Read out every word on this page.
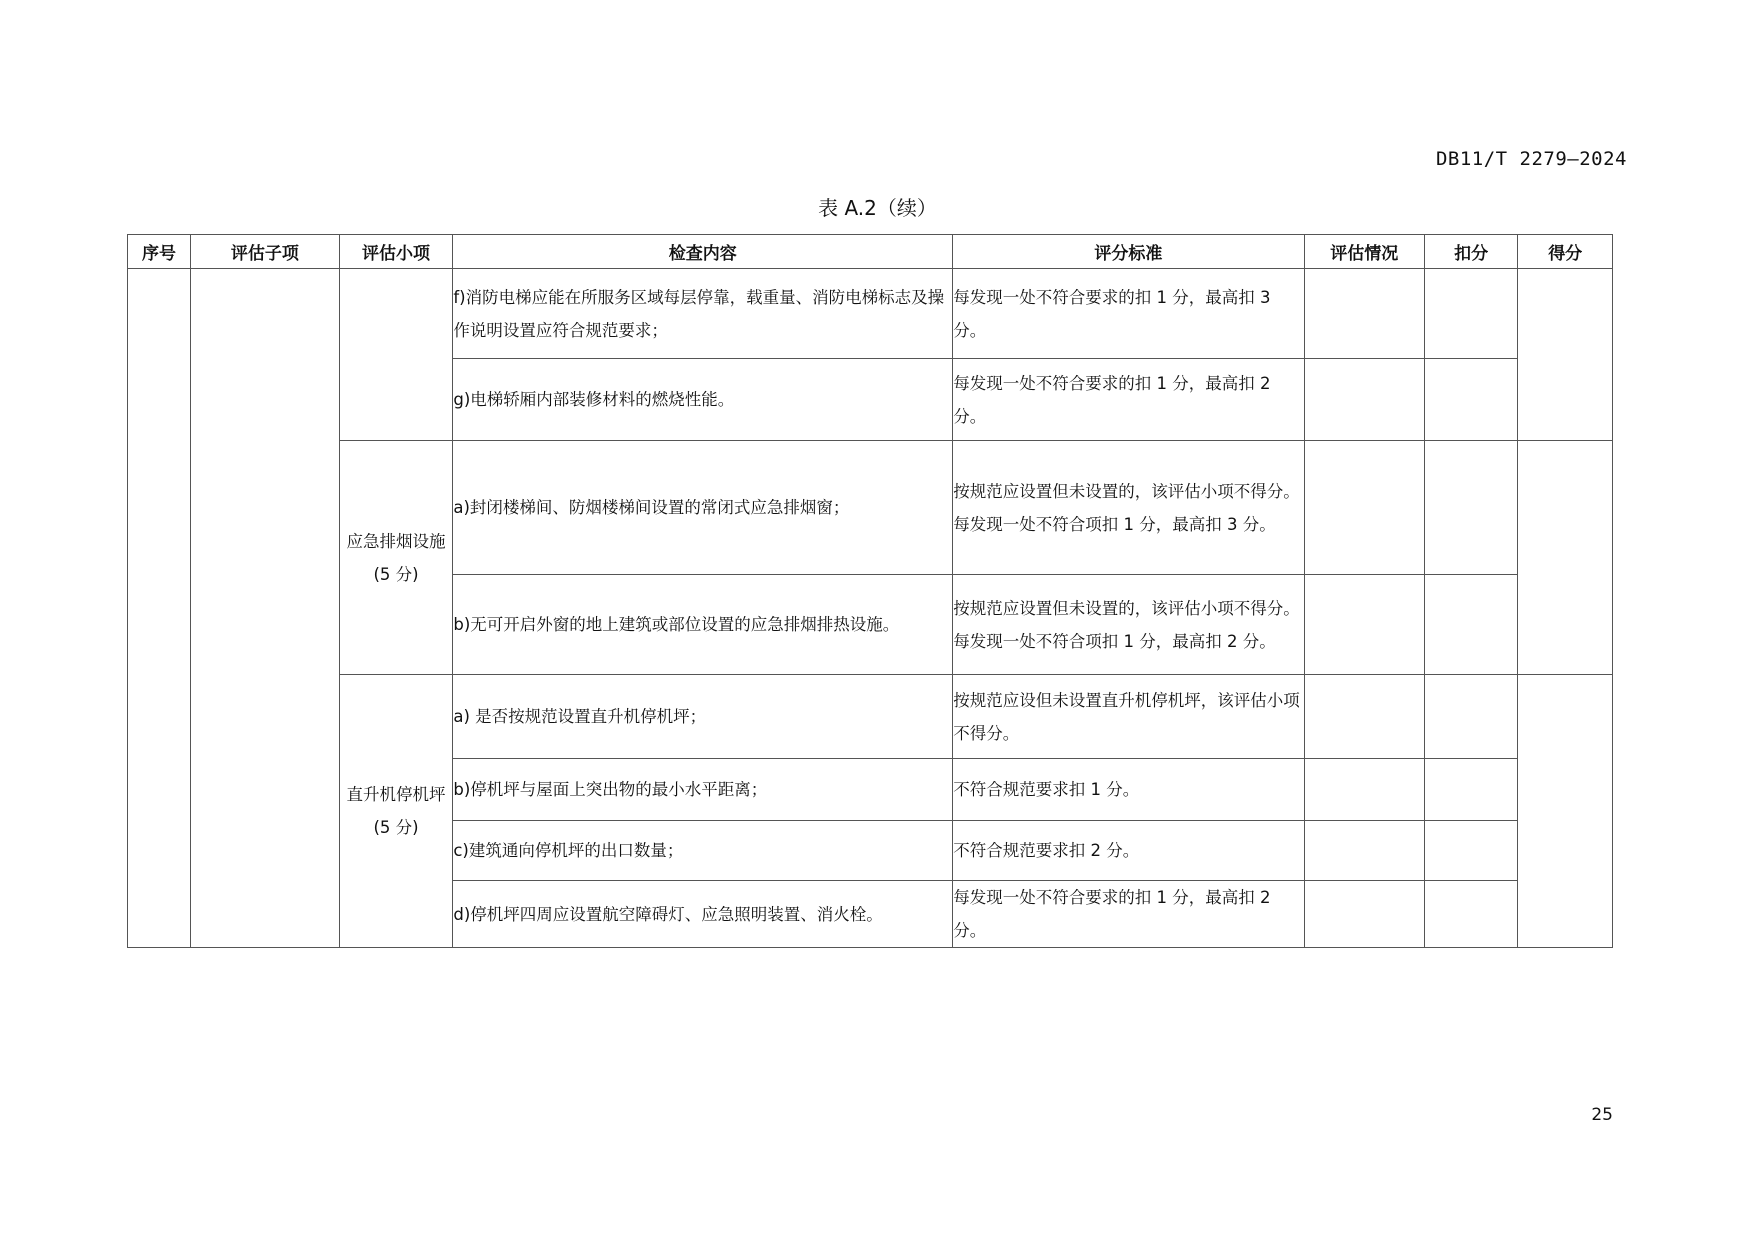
DB11/T 2279—2024
表 A.2（续）
序号	评估子项	评估小项	检查内容	评分标准	评估情况	扣分	得分
			f)消防电梯应能在所服务区域每层停靠，载重量、消防电梯标志及操作说明设置应符合规范要求；	每发现一处不符合要求的扣 1 分，最高扣 3 分。			
			g)电梯轿厢内部装修材料的燃烧性能。	每发现一处不符合要求的扣 1 分，最高扣 2 分。			
		应急排烟设施(5 分)	a)封闭楼梯间、防烟楼梯间设置的常闭式应急排烟窗；	按规范应设置但未设置的，该评估小项不得分。每发现一处不符合项扣 1 分，最高扣 3 分。			
			b)无可开启外窗的地上建筑或部位设置的应急排烟排热设施。	按规范应设置但未设置的，该评估小项不得分。每发现一处不符合项扣 1 分，最高扣 2 分。			
		直升机停机坪(5 分)	a) 是否按规范设置直升机停机坪；	按规范应设但未设置直升机停机坪，该评估小项不得分。			
			b)停机坪与屋面上突出物的最小水平距离；	不符合规范要求扣 1 分。			
			c)建筑通向停机坪的出口数量；	不符合规范要求扣 2 分。			
			d)停机坪四周应设置航空障碍灯、应急照明装置、消火栓。	每发现一处不符合要求的扣 1 分，最高扣 2 分。			
25
